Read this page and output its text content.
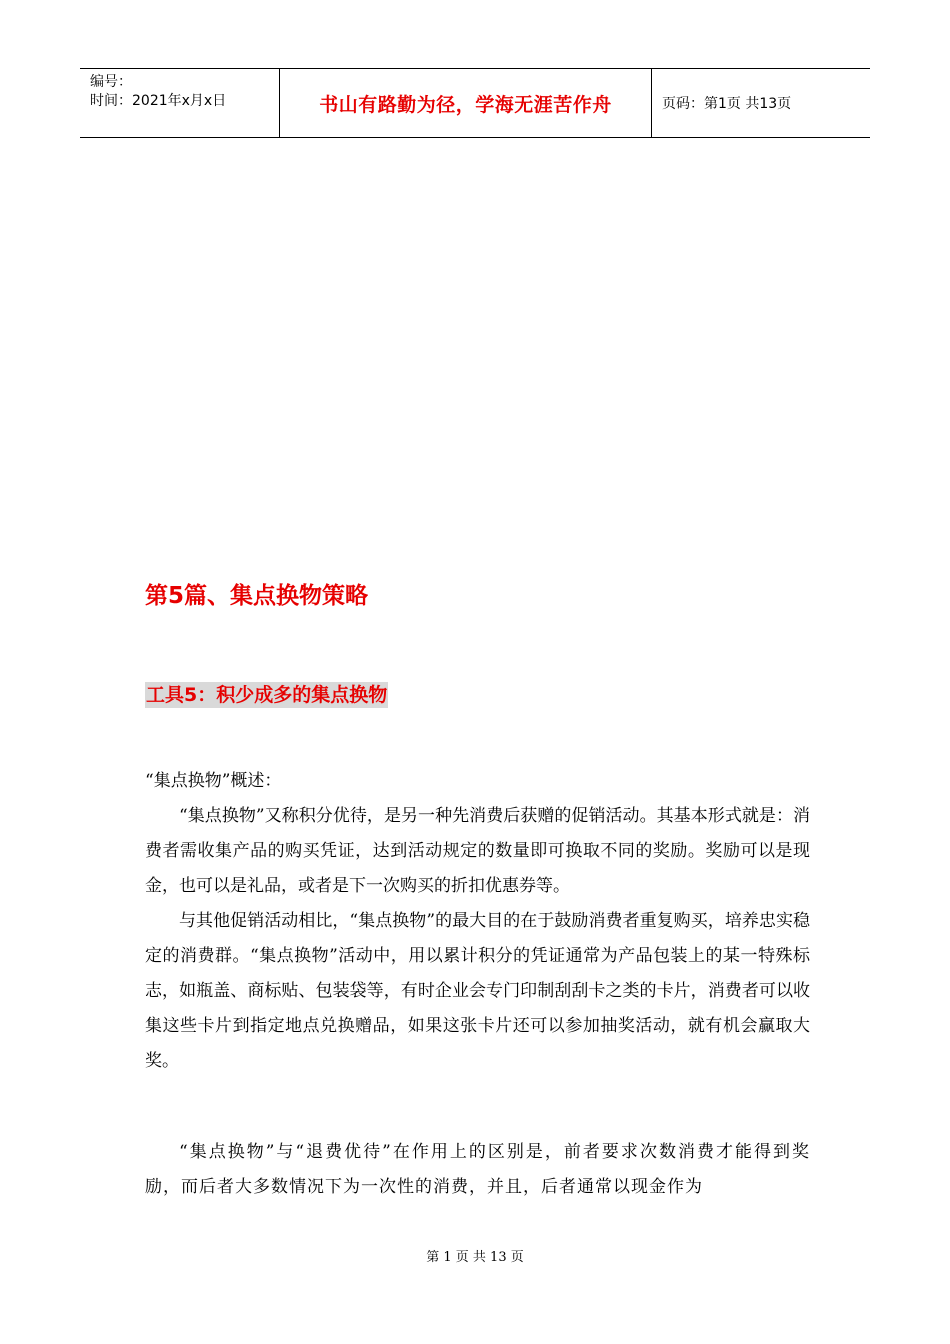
编号：
时间：2021年x月x日	书山有路勤为径，学海无涯苦作舟	页码：第1页 共13页
第5篇、集点换物策略
工具5：积少成多的集点换物

“集点换物”概述：

“集点换物”又称积分优待，是另一种先消费后获赠的促销活动。其基本形式就是：消费者需收集产品的购买凭证，达到活动规定的数量即可换取不同的奖励。奖励可以是现金，也可以是礼品，或者是下一次购买的折扣优惠券等。

与其他促销活动相比，“集点换物”的最大目的在于鼓励消费者重复购买，培养忠实稳定的消费群。“集点换物”活动中，用以累计积分的凭证通常为产品包装上的某一特殊标志，如瓶盖、商标贴、包装袋等，有时企业会专门印制刮刮卡之类的卡片，消费者可以收集这些卡片到指定地点兑换赠品，如果这张卡片还可以参加抽奖活动，就有机会赢取大奖。

“集点换物”与“退费优待”在作用上的区别是，前者要求次数消费才能得到奖励，而后者大多数情况下为一次性的消费，并且，后者通常以现金作为

第 1 页 共 13 页
